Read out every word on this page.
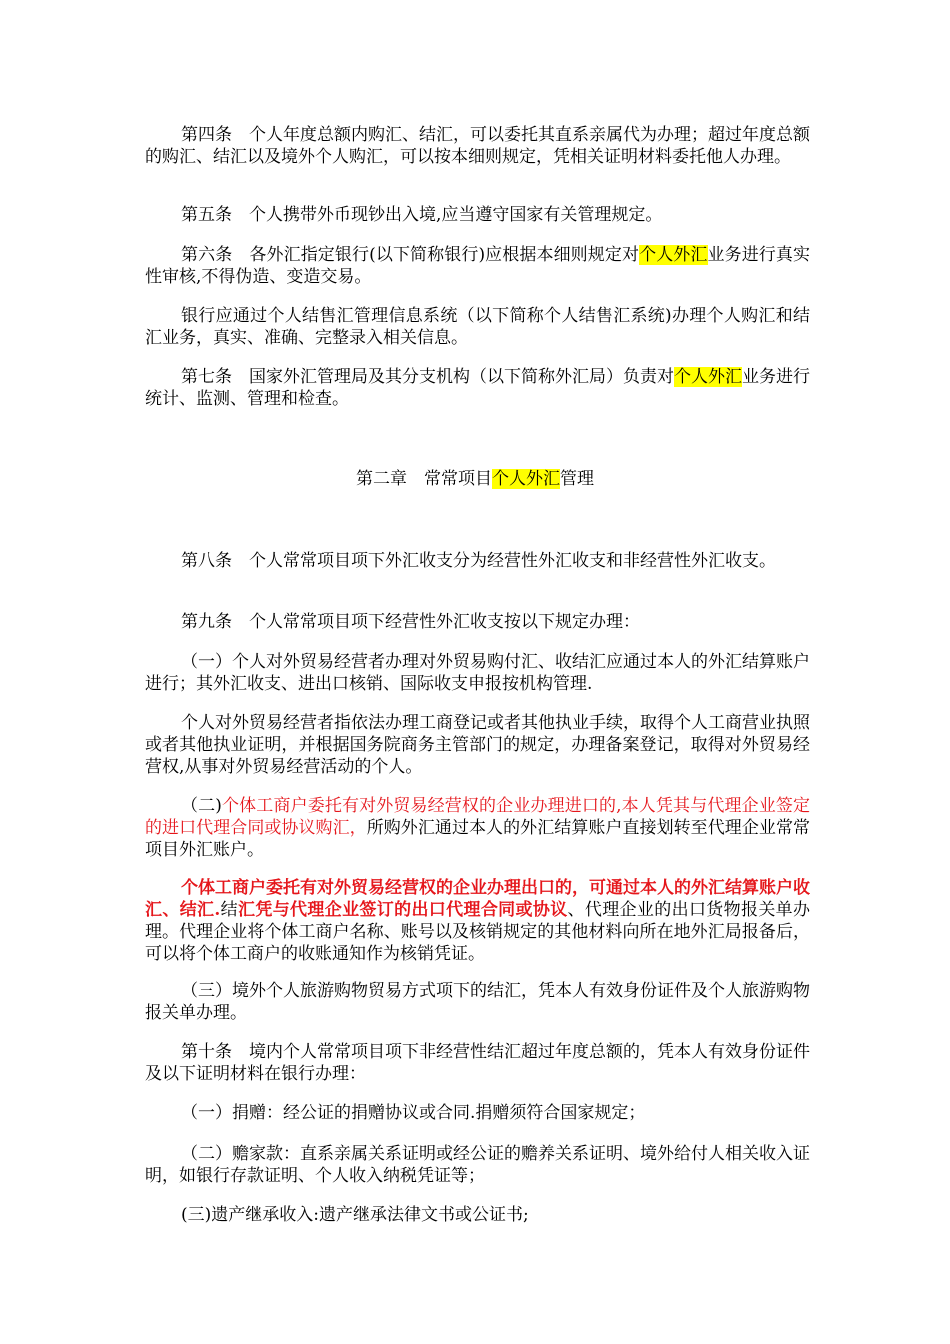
第四条　个人年度总额内购汇、结汇，可以委托其直系亲属代为办理；超过年度总额的购汇、结汇以及境外个人购汇，可以按本细则规定，凭相关证明材料委托他人办理。

第五条　个人携带外币现钞出入境,应当遵守国家有关管理规定。

第六条　各外汇指定银行(以下简称银行)应根据本细则规定对个人外汇业务进行真实性审核,不得伪造、变造交易。

银行应通过个人结售汇管理信息系统（以下简称个人结售汇系统)办理个人购汇和结汇业务，真实、准确、完整录入相关信息。

第七条　国家外汇管理局及其分支机构（以下简称外汇局）负责对个人外汇业务进行统计、监测、管理和检查。

第二章　常常项目个人外汇管理

第八条　个人常常项目项下外汇收支分为经营性外汇收支和非经营性外汇收支。

第九条　个人常常项目项下经营性外汇收支按以下规定办理：

（一）个人对外贸易经营者办理对外贸易购付汇、收结汇应通过本人的外汇结算账户进行；其外汇收支、进出口核销、国际收支申报按机构管理.

个人对外贸易经营者指依法办理工商登记或者其他执业手续，取得个人工商营业执照或者其他执业证明，并根据国务院商务主管部门的规定，办理备案登记，取得对外贸易经营权,从事对外贸易经营活动的个人。

（二)个体工商户委托有对外贸易经营权的企业办理进口的,本人凭其与代理企业签定的进口代理合同或协议购汇，所购外汇通过本人的外汇结算账户直接划转至代理企业常常项目外汇账户。

个体工商户委托有对外贸易经营权的企业办理出口的，可通过本人的外汇结算账户收汇、结汇.结汇凭与代理企业签订的出口代理合同或协议、代理企业的出口货物报关单办理。代理企业将个体工商户名称、账号以及核销规定的其他材料向所在地外汇局报备后，可以将个体工商户的收账通知作为核销凭证。

（三）境外个人旅游购物贸易方式项下的结汇，凭本人有效身份证件及个人旅游购物报关单办理。

第十条　境内个人常常项目项下非经营性结汇超过年度总额的，凭本人有效身份证件及以下证明材料在银行办理：

（一）捐赠：经公证的捐赠协议或合同.捐赠须符合国家规定；

（二）赡家款：直系亲属关系证明或经公证的赡养关系证明、境外给付人相关收入证明，如银行存款证明、个人收入纳税凭证等；

(三)遗产继承收入:遗产继承法律文书或公证书;
